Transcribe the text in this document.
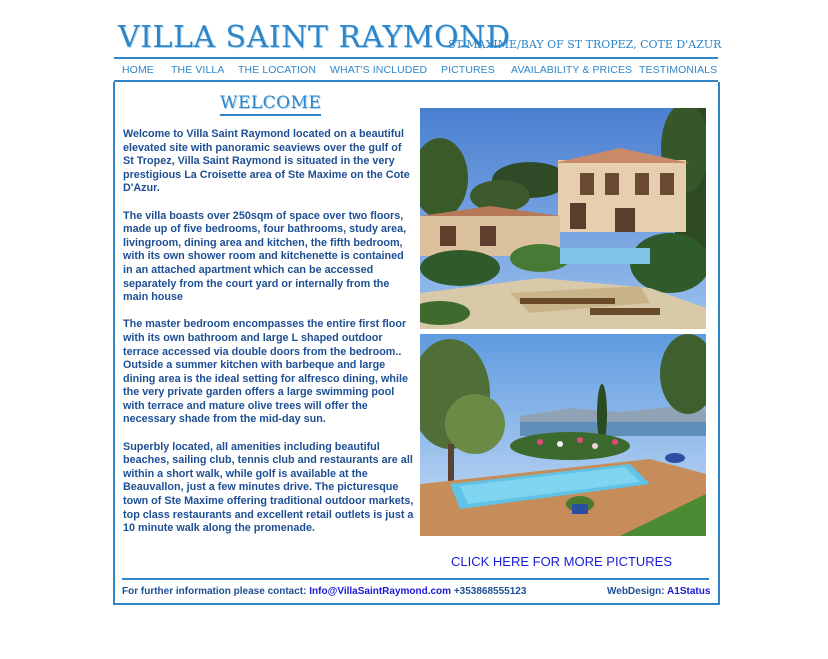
VILLA SAINT RAYMOND
ST MAXIME/BAY OF ST TROPEZ, COTE D'AZUR
HOME THE VILLA THE LOCATION WHAT'S INCLUDED PICTURES AVAILABILITY & PRICES TESTIMONIALS
WELCOME

Welcome to Villa Saint Raymond located on a beautiful elevated site with panoramic seaviews over the gulf of St Tropez, Villa Saint Raymond is situated in the very prestigious La Croisette area of Ste Maxime on the Cote D'Azur.

The villa boasts over 250sqm of space over two floors, made up of five bedrooms, four bathrooms, study area, livingroom, dining area and kitchen, the fifth bedroom, with its own shower room and kitchenette is contained in an attached apartment which can be accessed separately from the court yard or internally from the main house

The master bedroom encompasses the entire first floor with its own bathroom and large L shaped outdoor terrace accessed via double doors from the bedroom.. Outside a summer kitchen with barbeque and large dining area is the ideal setting for alfresco dining, while the very private garden offers a large swimming pool with terrace and mature olive trees will offer the necessary shade from the mid-day sun.

Superbly located, all amenities including beautiful beaches, sailing club, tennis club and restaurants are all within a short walk, while golf is available at the Beauvallon, just a few minutes drive. The picturesque town of Ste Maxime offering traditional outdoor markets, top class restaurants and excellent retail outlets is just a 10 minute walk along the promenade.

CLICK HERE FOR MORE PICTURES
For further information please contact: Info@VillaSaintRaymond.com +353868555123	WebDesign: A1Status
